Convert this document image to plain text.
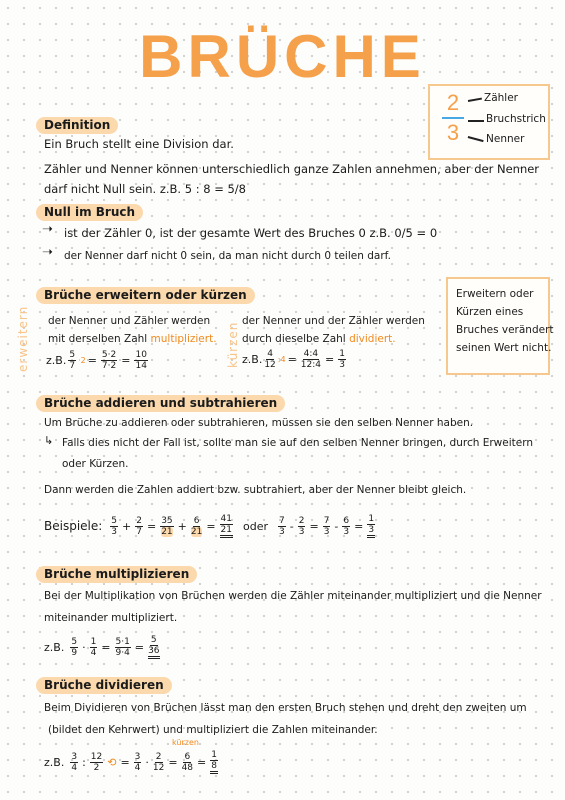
BRÜCHE
2
3
Zähler
Bruchstrich
Nenner
Definition
Ein Bruch stellt eine Division dar.
Zähler und Nenner können unterschiedlich ganze Zahlen annehmen, aber der Nenner
darf nicht Null sein. z.B. 5 : 8 = 5/8
Null im Bruch
➝ ist der Zähler 0, ist der gesamte Wert des Bruches 0 z.B. 0/5 = 0
➝ der Nenner darf nicht 0 sein, da man nicht durch 0 teilen darf.
Brüche erweitern oder kürzen
erweitern	kürzen
der Nenner und Zähler werden
mit derselben Zahl multipliziert.
z.B. 5
7
$\cdot 2 = \frac{5\cdot 2}{7\cdot 2} = \frac{10}{14}$
der Nenner und der Zähler werden
durch dieselbe Zahl dividiert.
z.B. 4
12
:4 = $\frac{4:4}{12:4} = \frac{1}{3}$
Erweitern oder
Kürzen eines
Bruches verändert
seinen Wert nicht.
Brüche addieren und subtrahieren
Um Brüche zu addieren oder subtrahieren, müssen sie den selben Nenner haben.
↳ Falls dies nicht der Fall ist, sollte man sie auf den selben Nenner bringen, durch Erweitern
oder Kürzen.
Dann werden die Zahlen addiert bzw. subtrahiert, aber der Nenner bleibt gleich.
Beispiele: 5
$3 + \frac{2}{7} = \frac{35}{21} + \frac{6}{21} = \frac{41}{21}$ oder 7
$3 - \frac{2}{3} = \frac{7}{3} - \frac{6}{3} = \frac{1}{3}$
Brüche multiplizieren
Bei der Multiplikation von Brüchen werden die Zähler miteinander multipliziert und die Nenner
miteinander multipliziert.
z.B. 5
$9 \cdot \frac{1}{4} = \frac{5\cdot 1}{9\cdot 4} = \frac{5}{36}$
Brüche dividieren
Beim Dividieren von Brüchen lässt man den ersten Bruch stehen und dreht den zweiten um
(bildet den Kehrwert) und multipliziert die Zahlen miteinander.
kürzen
z.B. 3
4 : 12
2 ⟲ = $\frac{3}{4} \cdot \frac{2}{12} = \frac{6}{48} = \frac{1}{8}$
